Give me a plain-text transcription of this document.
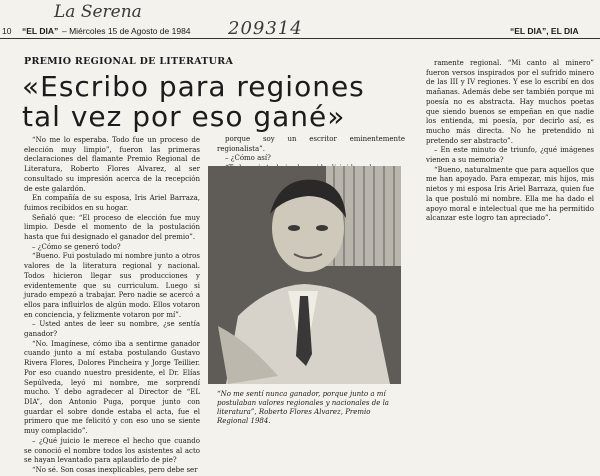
La Serena
209314
10 “EL DIA” – Miércoles 15 de Agosto de 1984	“EL DIA”, EL DIA
PREMIO REGIONAL DE LITERATURA
«Escribo para regiones
tal vez por eso gané»

“No me lo esperaba. Todo fue un proceso de elección muy limpio”, fueron las primeras declaraciones del flamante Premio Regional de Literatura, Roberto Flores Alvarez, al ser consultado su impresión acerca de la recepción de este galardón.

En compañía de su esposa, Iris Ariel Barraza, fuimos recibidos en su hogar.

Señaló que: “El proceso de elección fue muy limpio. Desde el momento de la postulación hasta que fui designado el ganador del premio”.

– ¿Cómo se generó todo?

“Bueno. Fui postulado mi nombre junto a otros valores de la literatura regional y nacional. Todos hicieron llegar sus producciones y evidentemente que su curriculum. Luego si jurado empezó a trabajar. Pero nadie se acercó a ellos para influirlos de algún modo. Ellos votaron en conciencia, y felizmente votaron por mí”.

– Usted antes de leer su nombre, ¿se sentía ganador?

“No. Imagínese, cómo iba a sentirme ganador cuando junto a mí estaba postulando Gustavo Rivera Flores, Dolores Pincheira y Jorge Teillier. Por eso cuando nuestro presidente, el Dr. Elías Sepúlveda, leyó mi nombre, me sorprendí mucho. Y debo agradecer al Director de “EL DIA”, don Antonio Puga, porque junto con guardar el sobre donde estaba el acta, fue el primero que me felicitó y con eso uno se siente muy complacido”.

– ¿Qué juicio le merece el hecho que cuando se conoció el nombre todos los asistentes al acto se hayan levantado para aplaudirlo de pie?

“No sé. Son cosas inexplicables, pero debe ser

porque soy un escritor eminentemente regionalista”.

– ¿Cómo así?

ramente regional. “Mi canto al minero” fueron versos inspirados por el sufrido minero de las III y IV regiones. Y ese lo escribí en dos mañanas. Además debe ser también porque mi poesía no es abstracta. Hay muchos poetas que siendo buenos se empeñan en que nadie los entienda, mi poesía, por decirlo así, es mucho más directa. No he pretendido ni pretendo ser abstracto”.

– En este minuto de triunfo, ¿qué imágenes vienen a su memoria?

“Bueno, naturalmente que para aquellos que me han apoyado. Para empezar, mis hijos, mis nietos y mi esposa Iris Ariel Barraza, quien fue la que postuló mi nombre. Ella me ha dado el apoyo moral e intelectual que me ha permitido alcanzar este logro tan apreciado”.

“No me sentí nunca ganador, porque junto a mí postulaban valores regionales y nacionales de la literatura”, Roberto Flores Alvarez, Premio Regional 1984.
